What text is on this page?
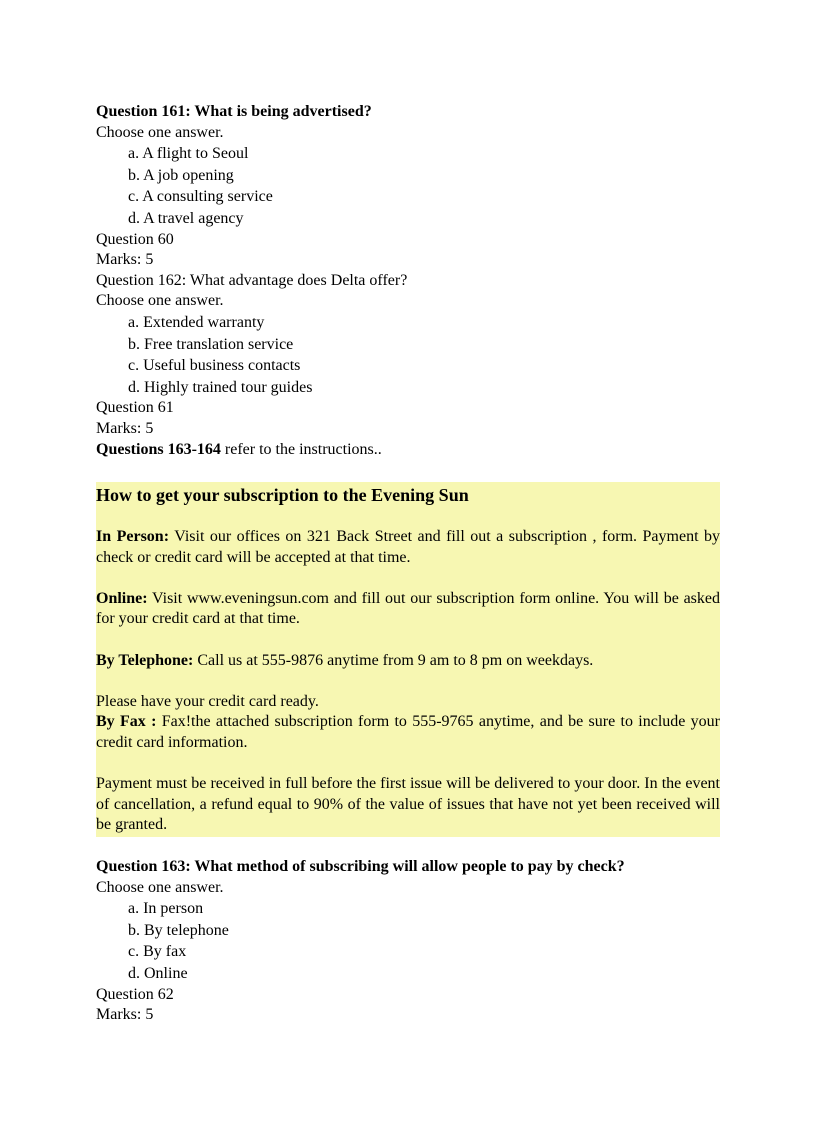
Question 161: What is being advertised?

Choose one answer.

a. A flight to Seoul

b. A job opening

c. A consulting service

d. A travel agency

Question 60

Marks: 5

Question 162: What advantage does Delta offer?

Choose one answer.

a. Extended warranty

b. Free translation service

c. Useful business contacts

d. Highly trained tour guides

Question 61

Marks: 5

Questions 163-164 refer to the instructions..

How to get your subscription to the Evening Sun

In Person: Visit our offices on 321 Back Street and fill out a subscription , form. Payment by check or credit card will be accepted at that time.

Online: Visit www.eveningsun.com and fill out our subscription form online. You will be asked for your credit card at that time.

By Telephone: Call us at 555-9876 anytime from 9 am to 8 pm on weekdays.

Please have your credit card ready.

By Fax : Fax!the attached subscription form to 555-9765 anytime, and be sure to include your credit card information.

Payment must be received in full before the first issue will be delivered to your door. In the event of cancellation, a refund equal to 90% of the value of issues that have not yet been received will be granted.

Question 163: What method of subscribing will allow people to pay by check?

Choose one answer.

a. In person

b. By telephone

c. By fax

d. Online

Question 62

Marks: 5
